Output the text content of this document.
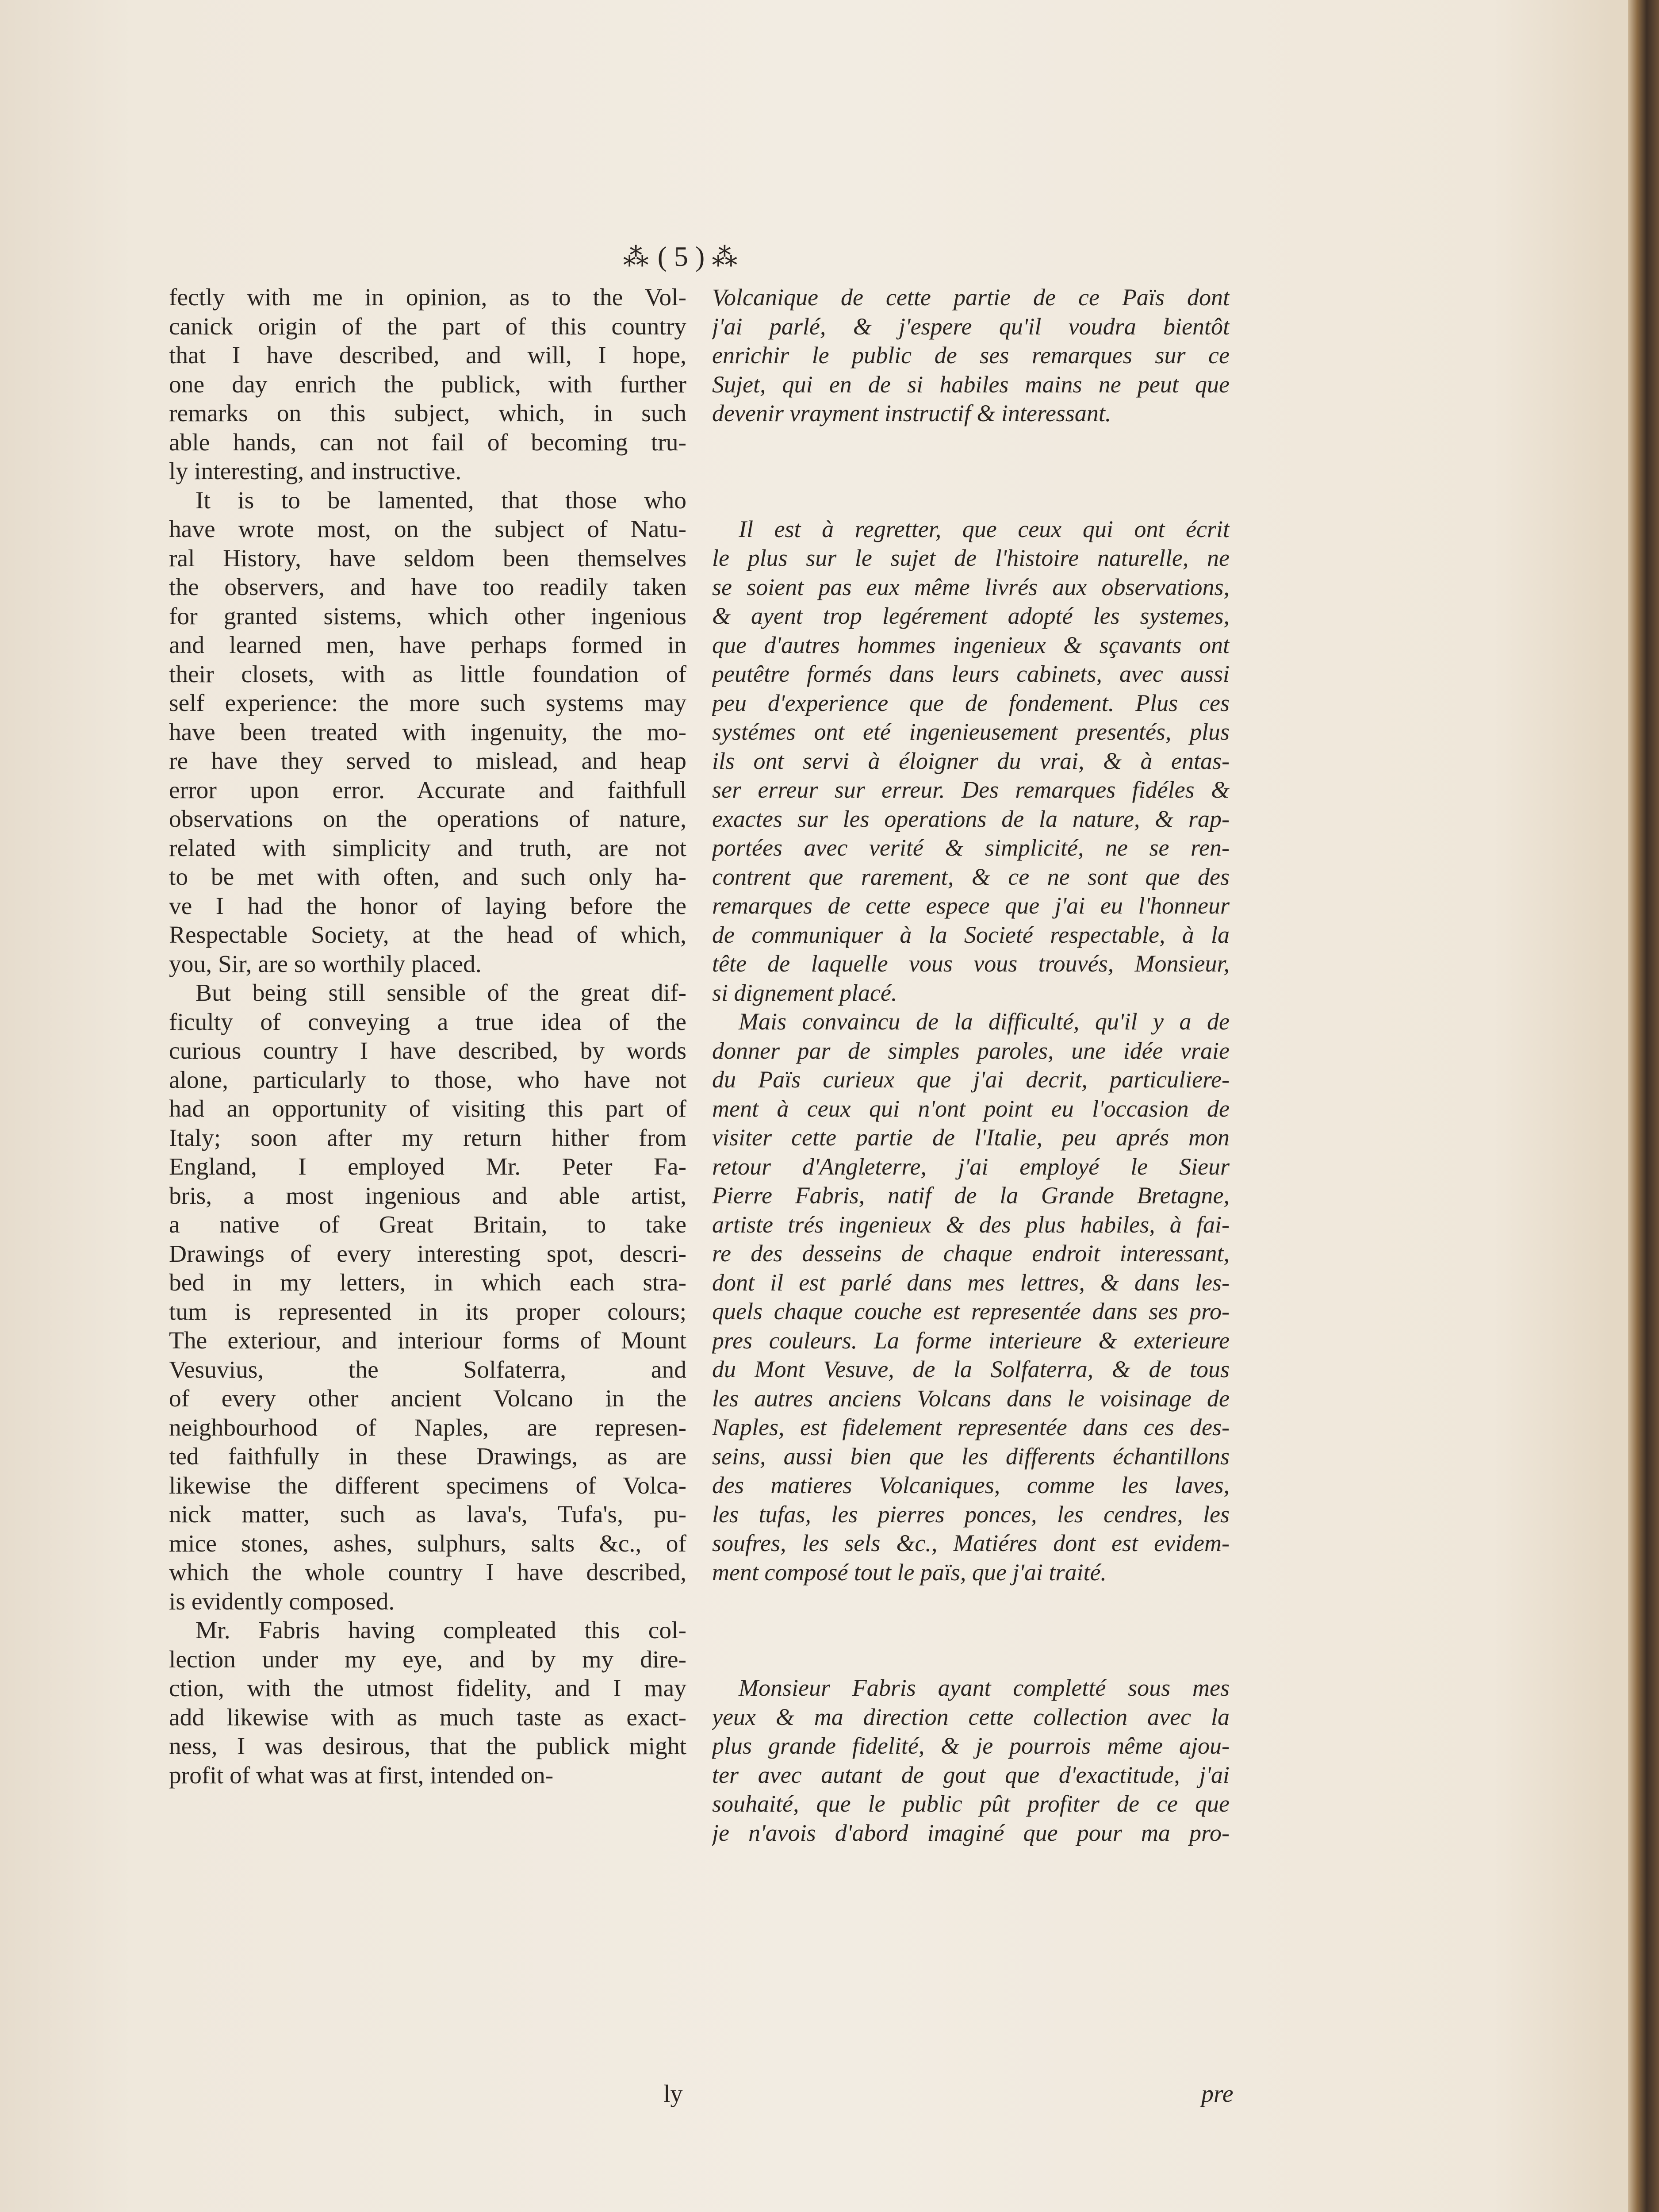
⁂ ( 5 ) ⁂
fectly with me in opinion, as to the Vol-
canick origin of the part of this country
that I have described, and will, I hope,
one day enrich the publick, with further
remarks on this subject, which, in such
able hands, can not fail of becoming tru-
ly interesting, and instructive.
It is to be lamented, that those who
have wrote most, on the subject of Natu-
ral History, have seldom been themselves
the observers, and have too readily taken
for granted sistems, which other ingenious
and learned men, have perhaps formed in
their closets, with as little foundation of
self experience: the more such systems may
have been treated with ingenuity, the mo-
re have they served to mislead, and heap
error upon error. Accurate and faithfull
observations on the operations of nature,
related with simplicity and truth, are not
to be met with often, and such only ha-
ve I had the honor of laying before the
Respectable Society, at the head of which,
you, Sir, are so worthily placed.
But being still sensible of the great dif-
ficulty of conveying a true idea of the
curious country I have described, by words
alone, particularly to those, who have not
had an opportunity of visiting this part of
Italy; soon after my return hither from
England, I employed Mr. Peter Fa-
bris, a most ingenious and able artist,
a native of Great Britain, to take
Drawings of every interesting spot, descri-
bed in my letters, in which each stra-
tum is represented in its proper colours;
The exteriour, and interiour forms of Mount
Vesuvius, the Solfaterra, and
of every other ancient Volcano in the
neighbourhood of Naples, are represen-
ted faithfully in these Drawings, as are
likewise the different specimens of Volca-
nick matter, such as lava's, Tufa's, pu-
mice stones, ashes, sulphurs, salts &c., of
which the whole country I have described,
is evidently composed.
Mr. Fabris having compleated this col-
lection under my eye, and by my dire-
ction, with the utmost fidelity, and I may
add likewise with as much taste as exact-
ness, I was desirous, that the publick might
profit of what was at first, intended on-
Volcanique de cette partie de ce Païs dont
j'ai parlé, & j'espere qu'il voudra bientôt
enrichir le public de ses remarques sur ce
Sujet, qui en de si habiles mains ne peut que
devenir vrayment instructif & interessant.
Il est à regretter, que ceux qui ont écrit
le plus sur le sujet de l'histoire naturelle, ne
se soient pas eux même livrés aux observations,
& ayent trop legérement adopté les systemes,
que d'autres hommes ingenieux & sçavants ont
peutêtre formés dans leurs cabinets, avec aussi
peu d'experience que de fondement. Plus ces
systémes ont eté ingenieusement presentés, plus
ils ont servi à éloigner du vrai, & à entas-
ser erreur sur erreur. Des remarques fidéles &
exactes sur les operations de la nature, & rap-
portées avec verité & simplicité, ne se ren-
contrent que rarement, & ce ne sont que des
remarques de cette espece que j'ai eu l'honneur
de communiquer à la Societé respectable, à la
tête de laquelle vous vous trouvés, Monsieur,
si dignement placé.
Mais convaincu de la difficulté, qu'il y a de
donner par de simples paroles, une idée vraie
du Païs curieux que j'ai decrit, particuliere-
ment à ceux qui n'ont point eu l'occasion de
visiter cette partie de l'Italie, peu aprés mon
retour d'Angleterre, j'ai employé le Sieur
Pierre Fabris, natif de la Grande Bretagne,
artiste trés ingenieux & des plus habiles, à fai-
re des desseins de chaque endroit interessant,
dont il est parlé dans mes lettres, & dans les-
quels chaque couche est representée dans ses pro-
pres couleurs. La forme interieure & exterieure
du Mont Vesuve, de la Solfaterra, & de tous
les autres anciens Volcans dans le voisinage de
Naples, est fidelement representée dans ces des-
seins, aussi bien que les differents échantillons
des matieres Volcaniques, comme les laves,
les tufas, les pierres ponces, les cendres, les
soufres, les sels &c., Matiéres dont est evidem-
ment composé tout le païs, que j'ai traité.
Monsieur Fabris ayant completté sous mes
yeux & ma direction cette collection avec la
plus grande fidelité, & je pourrois même ajou-
ter avec autant de gout que d'exactitude, j'ai
souhaité, que le public pût profiter de ce que
je n'avois d'abord imaginé que pour ma pro-
ly	pre
